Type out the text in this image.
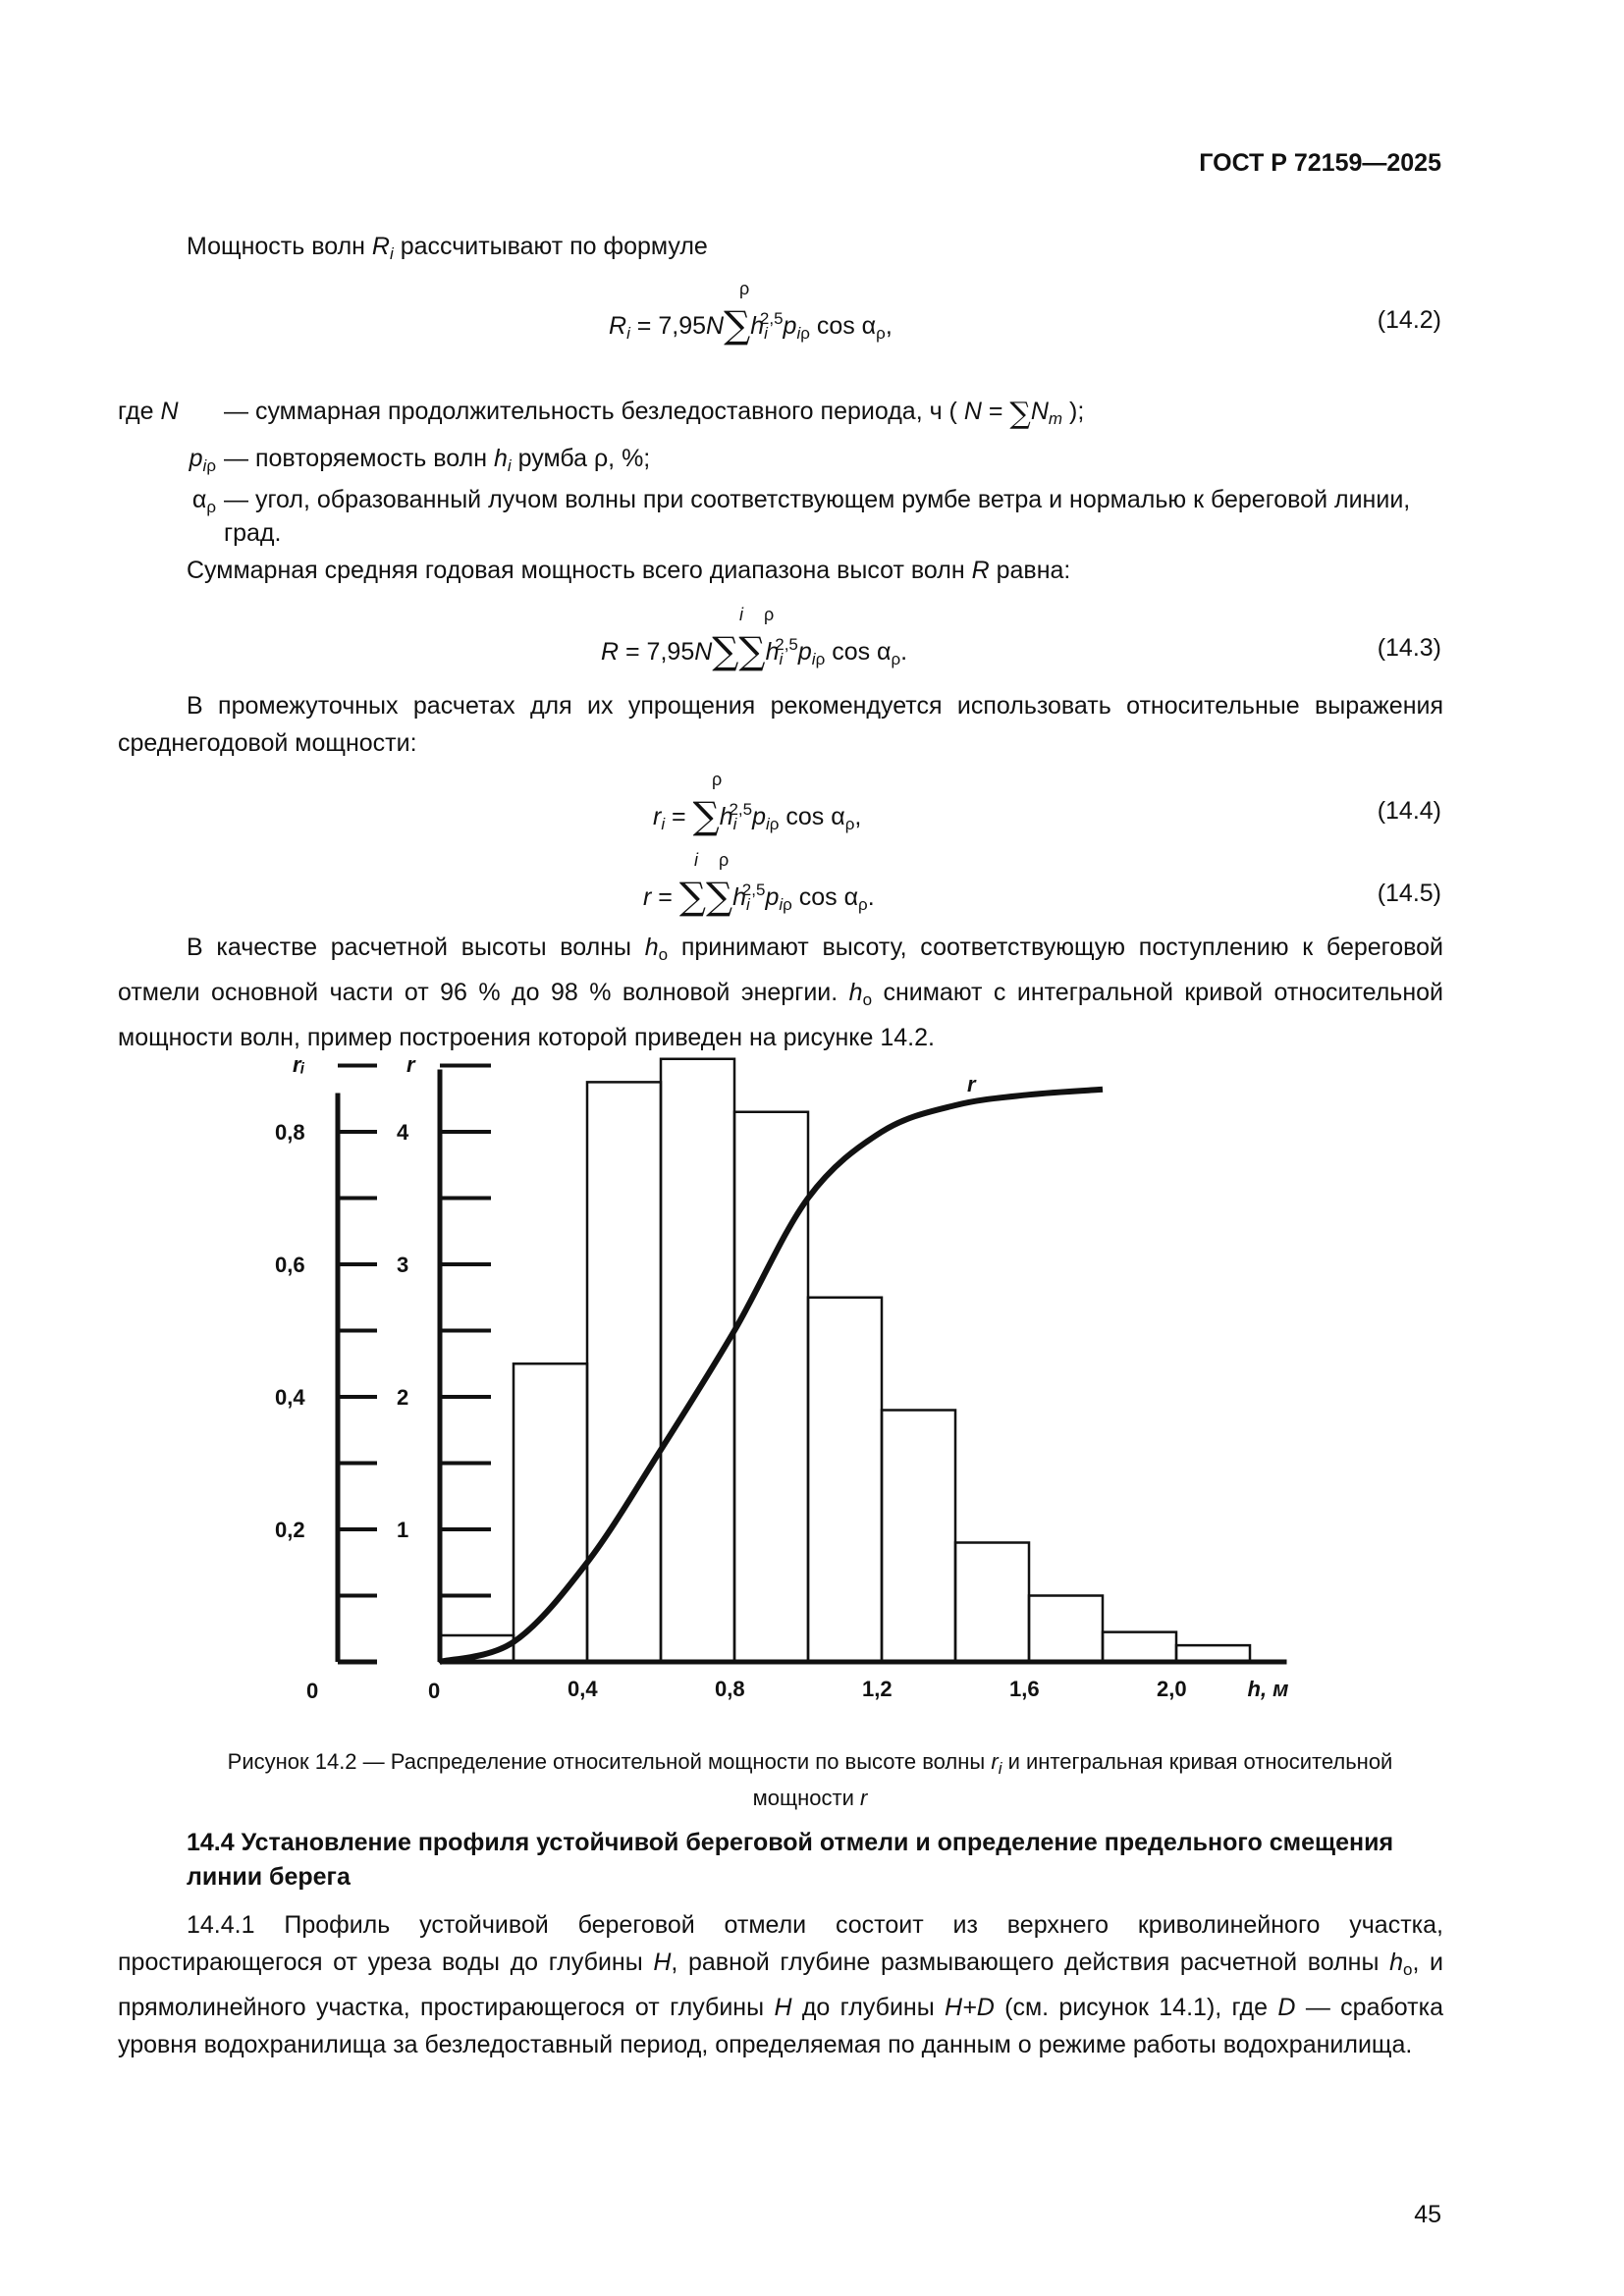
ГОСТ Р 72159—2025
Мощность волн $R_i$ рассчитывают по формуле
$R_i = 7,95N\sum h_i^{2,5}p_{i\rho}$ $\cos \alpha_\rho$,
ρ
(14.2)
где N	— суммарная продолжительность безледоставного периода, ч ( $N = \sum N_m$ );
$p_{i\rho}$ — повторяемость волн $h_i$ румба ρ, %;
$\alpha_\rho$ — угол, образованный лучом волны при соответствующем румбе ветра и нормалью к береговой линии, град.
Суммарная средняя годовая мощность всего диапазона высот волн R равна:
$R = 7,95N\sum\sum h_i^{2,5}p_{i\rho}$ $\cos \alpha_\rho$.
i ρ
(14.3)
В промежуточных расчетах для их упрощения рекомендуется использовать относительные выражения среднегодовой мощности:
$r_i = \sum h_i^{2,5}p_{i\rho}$ $\cos \alpha_\rho$,
ρ
(14.4)
$r = \sum\sum h_i^{2,5}p_{i\rho}$ $\cos \alpha_\rho$.
i ρ
(14.5)
В качестве расчетной высоты волны $h_о$ принимают высоту, соответствующую поступлению к береговой отмели основной части от 96 % до 98 % волновой энергии. $h_о$ снимают с интегральной кривой относительной мощности волн, пример построения которой приведен на рисунке 14.2.
r
rᵢ	r
0
0,2
0,4
0,6
0,8
0
1
2
3
4
0,4	0,8	1,2	1,6	2,0	h, м
Рисунок 14.2 — Распределение относительной мощности по высоте волны $r_i$ и интегральная кривая относительной мощности r
14.4 Установление профиля устойчивой береговой отмели и определение предельного смещения линии берега
14.4.1 Профиль устойчивой береговой отмели состоит из верхнего криволинейного участка, простирающегося от уреза воды до глубины H, равной глубине размывающего действия расчетной волны $h_о$, и прямолинейного участка, простирающегося от глубины H до глубины H+D (см. рисунок 14.1), где D — сработка уровня водохранилища за безледоставный период, определяемая по данным о режиме работы водохранилища.
45
